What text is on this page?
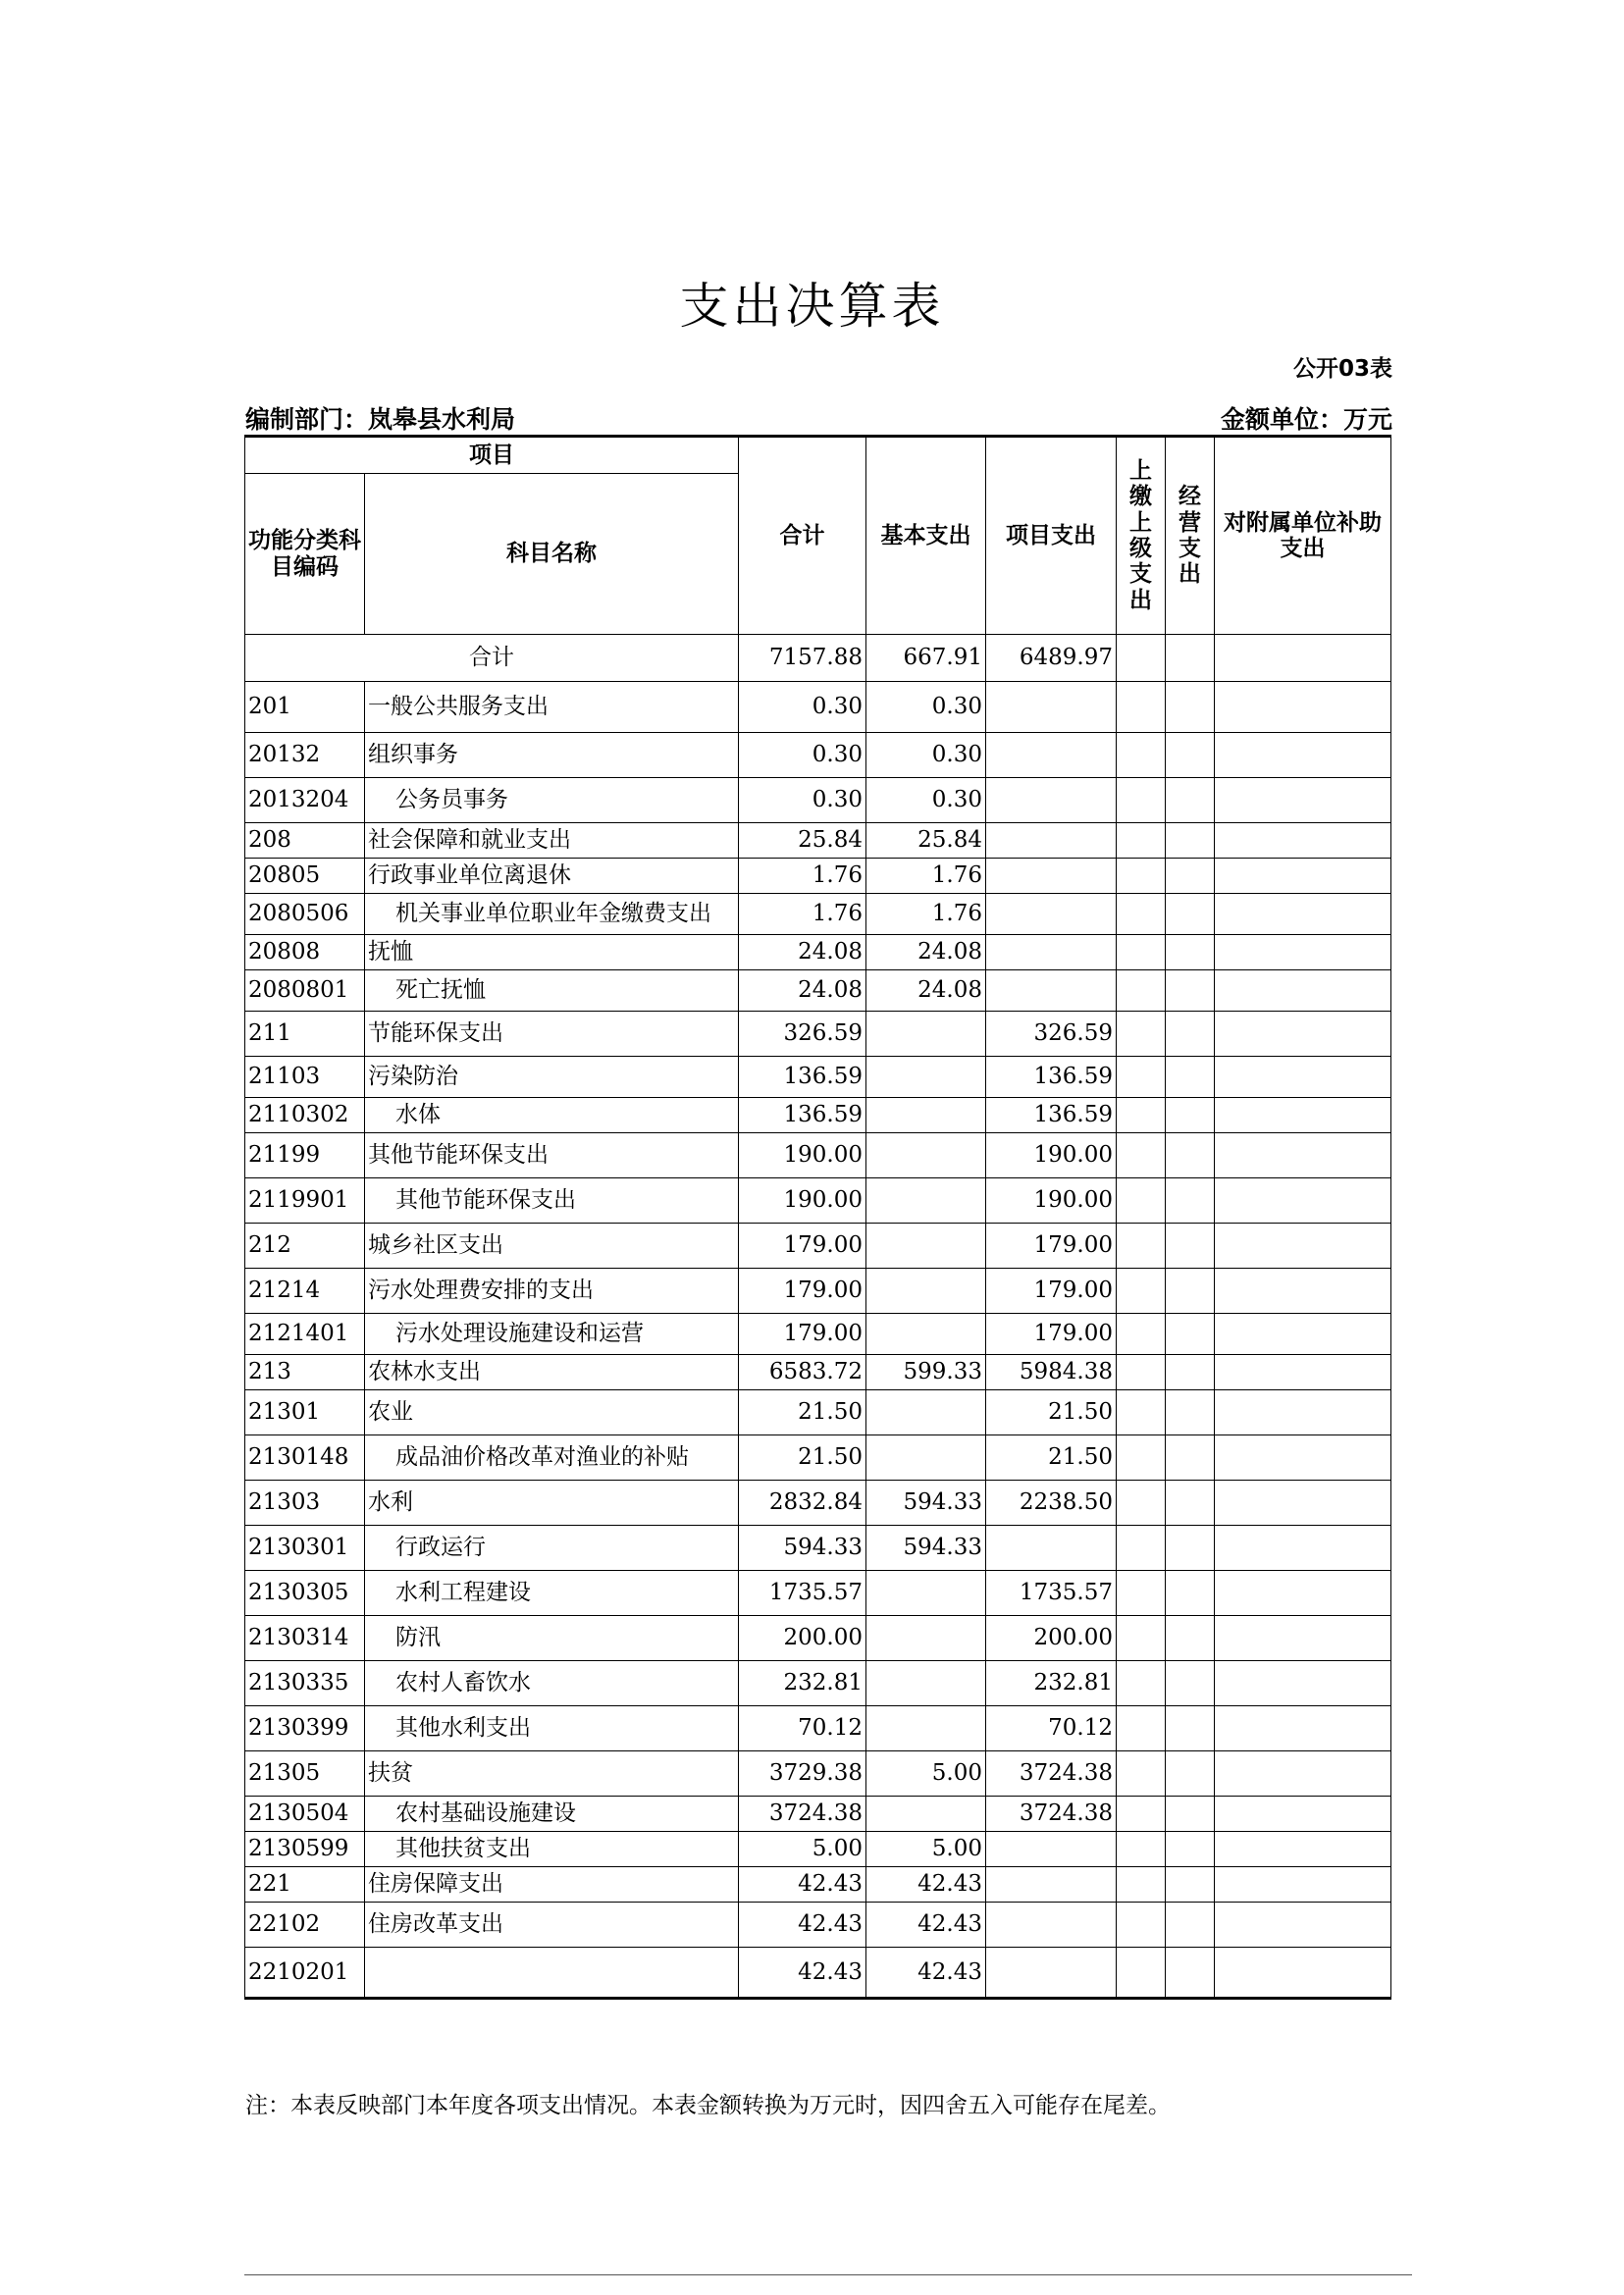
支出决算表
公开03表
编制部门：岚皋县水利局	金额单位：万元
项目		合计	基本支出	项目支出	上缴上级支出	经营支出	对附属单位补助支出
功能分类科目编码	科目名称						
合计		7157.88	667.91	6489.97			
201	一般公共服务支出	0.30	0.30				
20132	组织事务	0.30	0.30				
2013204	公务员事务	0.30	0.30				
208	社会保障和就业支出	25.84	25.84				
20805	行政事业单位离退休	1.76	1.76				
2080506	机关事业单位职业年金缴费支出	1.76	1.76				
20808	抚恤	24.08	24.08				
2080801	死亡抚恤	24.08	24.08				
211	节能环保支出	326.59		326.59			
21103	污染防治	136.59		136.59			
2110302	水体	136.59		136.59			
21199	其他节能环保支出	190.00		190.00			
2119901	其他节能环保支出	190.00		190.00			
212	城乡社区支出	179.00		179.00			
21214	污水处理费安排的支出	179.00		179.00			
2121401	污水处理设施建设和运营	179.00		179.00			
213	农林水支出	6583.72	599.33	5984.38			
21301	农业	21.50		21.50			
2130148	成品油价格改革对渔业的补贴	21.50		21.50			
21303	水利	2832.84	594.33	2238.50			
2130301	行政运行	594.33	594.33				
2130305	水利工程建设	1735.57		1735.57			
2130314	防汛	200.00		200.00			
2130335	农村人畜饮水	232.81		232.81			
2130399	其他水利支出	70.12		70.12			
21305	扶贫	3729.38	5.00	3724.38			
2130504	农村基础设施建设	3724.38		3724.38			
2130599	其他扶贫支出	5.00	5.00				
221	住房保障支出	42.43	42.43				
22102	住房改革支出	42.43	42.43				
2210201		42.43	42.43				
注：本表反映部门本年度各项支出情况。本表金额转换为万元时，因四舍五入可能存在尾差。
